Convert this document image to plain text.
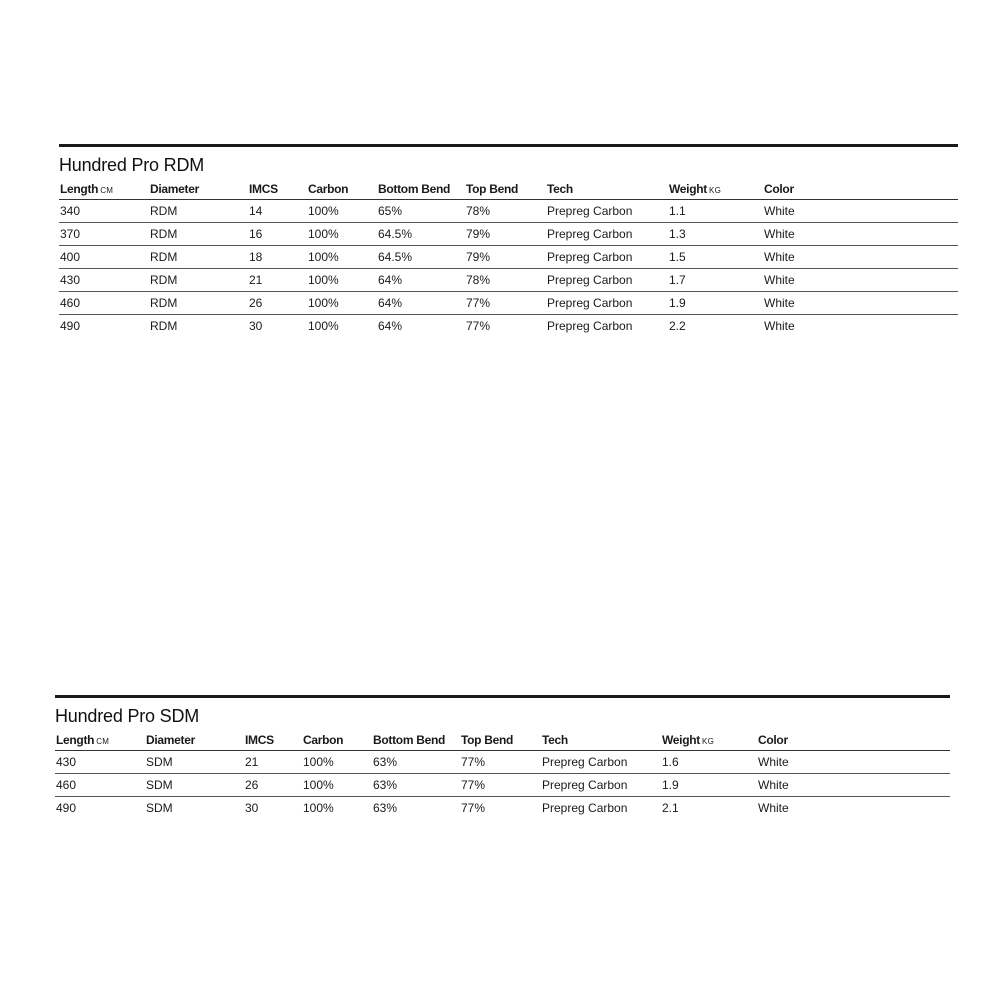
Hundred Pro RDM
Length CM	Diameter	IMCS	Carbon	Bottom Bend	Top Bend	Tech	Weight KG	Color
340	RDM	14	100%	65%	78%	Prepreg Carbon	1.1	White
370	RDM	16	100%	64.5%	79%	Prepreg Carbon	1.3	White
400	RDM	18	100%	64.5%	79%	Prepreg Carbon	1.5	White
430	RDM	21	100%	64%	78%	Prepreg Carbon	1.7	White
460	RDM	26	100%	64%	77%	Prepreg Carbon	1.9	White
490	RDM	30	100%	64%	77%	Prepreg Carbon	2.2	White
Hundred Pro SDM
Length CM	Diameter	IMCS	Carbon	Bottom Bend	Top Bend	Tech	Weight KG	Color
430	SDM	21	100%	63%	77%	Prepreg Carbon	1.6	White
460	SDM	26	100%	63%	77%	Prepreg Carbon	1.9	White
490	SDM	30	100%	63%	77%	Prepreg Carbon	2.1	White
